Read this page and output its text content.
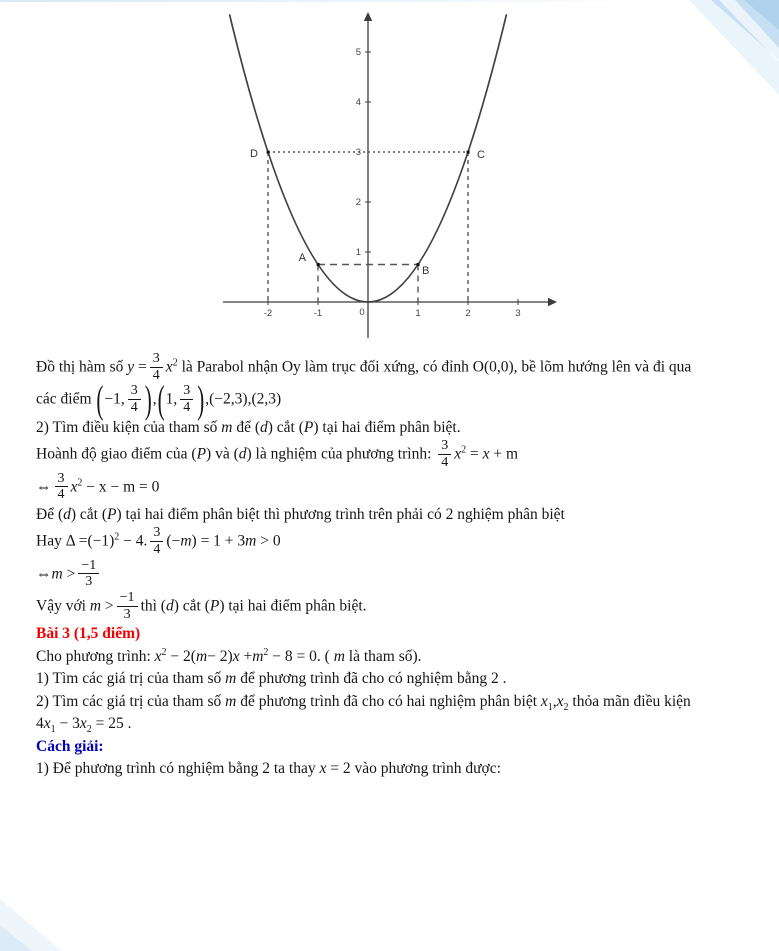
5
4
3
2
1
-2	-1	0	1	2	3
D	C
A
B

Đồ thị hàm số $y = \frac{3}{4} x^2$ là Parabol nhận Oy làm trục đối xứng, có đỉnh O(0,0), bề lõm hướng lên và đi qua

các điểm (−1, $\frac{3}{4} ),(1$, $\frac{3}{4} ),(-2,3),(2,3)$

2) Tìm điều kiện của tham số m để (d) cắt (P) tại hai điểm phân biệt.

Hoành độ giao điểm của (P) và (d) là nghiệm của phương trình: $\frac{3}{4} x^2 = x + m$

⇔ $\frac{3}{4} x^2 - x - m = 0$

Để (d) cắt (P) tại hai điểm phân biệt thì phương trình trên phải có 2 nghiệm phân biệt

Hay $\Delta =(-1)^2 - 4$. $\frac{3}{4} (-m) = 1 + 3m > 0$

⇔m > $\frac{-1}{3}$

Vậy với $m > \frac{-1}{3}$ thì (d) cắt (P) tại hai điểm phân biệt.

Bài 3 (1,5 điểm)

Cho phương trình: $x^2 - 2(m- 2)x +m^2 - 8 = 0$. ( m là tham số).

1) Tìm các giá trị của tham số m để phương trình đã cho có nghiệm bằng 2 .

2) Tìm các giá trị của tham số m để phương trình đã cho có hai nghiệm phân biệt $x_1,x_2$ thỏa mãn điều kiện

$4x_1 - 3x_2 = 25$ .

Cách giải:

1) Để phương trình có nghiệm bằng 2 ta thay x = 2 vào phương trình được:
